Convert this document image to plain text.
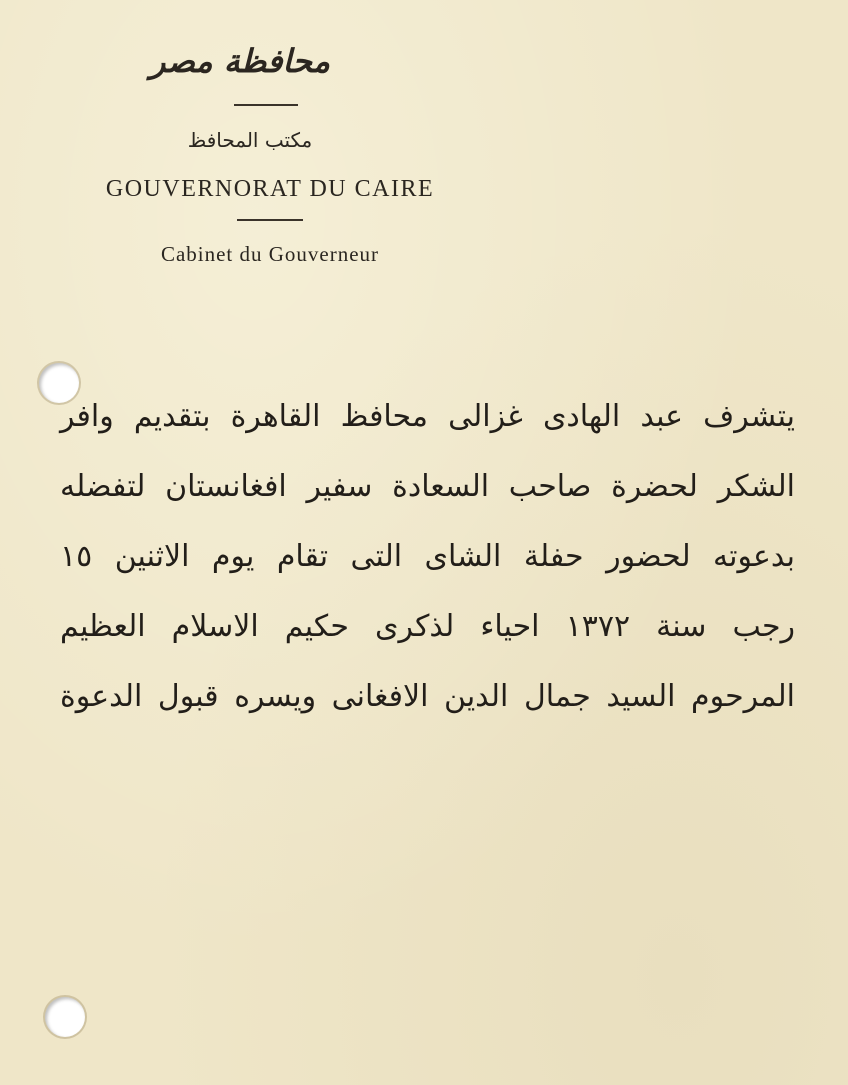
محافظة مصر
مكتب المحافظ
GOUVERNORAT DU CAIRE
Cabinet du Gouverneur
يتشرف عبد الهادى غزالى محافظ القاهرة بتقديم وافر
الشكر لحضرة صاحب السعادة سفير افغانستان لتفضله
بدعوته لحضور حفلة الشاى التى تقام يوم الاثنين ١٥
رجب سنة ١٣٧٢ احياء لذكرى حكيم الاسلام العظيم
المرحوم السيد جمال الدين الافغانى ويسره قبول الدعوة
